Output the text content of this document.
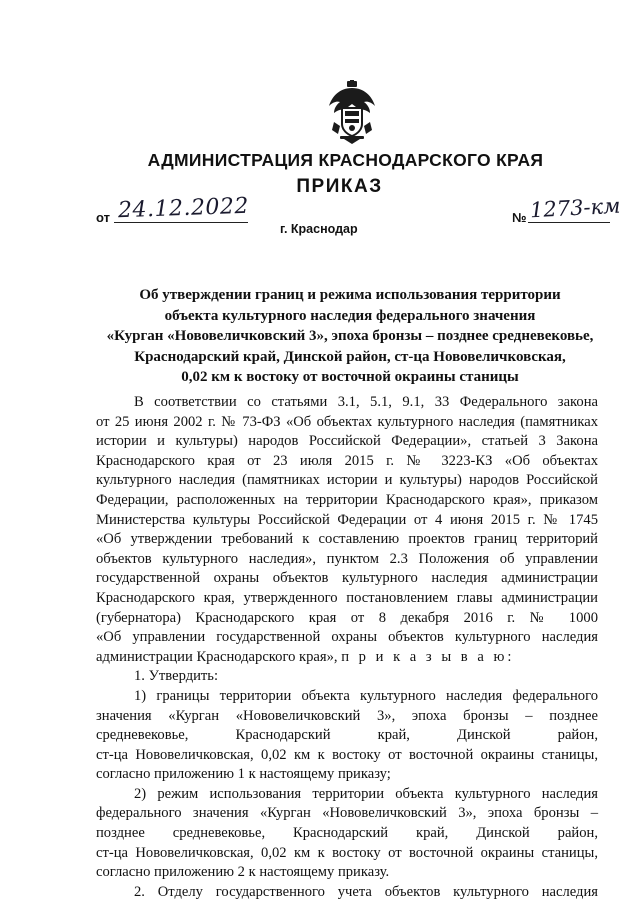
АДМИНИСТРАЦИЯ КРАСНОДАРСКОГО КРАЯ
ПРИКАЗ
от 24.12.2022
г. Краснодар
№ 1273-км
Об утверждении границ и режима использования территории
объекта культурного наследия федерального значения
«Курган «Нововеличковский 3», эпоха бронзы – позднее средневековье,
Краснодарский край, Динской район, ст-ца Нововеличковская,
0,02 км к востоку от восточной окраины станицы
В соответствии со статьями 3.1, 5.1, 9.1, 33 Федерального закона
от 25 июня 2002 г. № 73-ФЗ «Об объектах культурного наследия (памятниках
истории и культуры) народов Российской Федерации», статьей 3 Закона
Краснодарского края от 23 июля 2015 г. № 3223-КЗ «Об объектах
культурного наследия (памятниках истории и культуры) народов Российской
Федерации, расположенных на территории Краснодарского края», приказом
Министерства культуры Российской Федерации от 4 июня 2015 г. № 1745
«Об утверждении требований к составлению проектов границ территорий
объектов культурного наследия», пунктом 2.3 Положения об управлении
государственной охраны объектов культурного наследия администрации
Краснодарского края, утвержденного постановлением главы администрации
(губернатора) Краснодарского края от 8 декабря 2016 г. № 1000
«Об управлении государственной охраны объектов культурного наследия
администрации Краснодарского края», п р и к а з ы в а ю:
1. Утвердить:
1) границы территории объекта культурного наследия федерального
значения «Курган «Нововеличковский 3», эпоха бронзы – позднее
средневековье, Краснодарский край, Динской район,
ст-ца Нововеличковская, 0,02 км к востоку от восточной окраины станицы,
согласно приложению 1 к настоящему приказу;
2) режим использования территории объекта культурного наследия
федерального значения «Курган «Нововеличковский 3», эпоха бронзы –
позднее средневековье, Краснодарский край, Динской район,
ст-ца Нововеличковская, 0,02 км к востоку от восточной окраины станицы,
согласно приложению 2 к настоящему приказу.
2. Отделу государственного учета объектов культурного наследия
